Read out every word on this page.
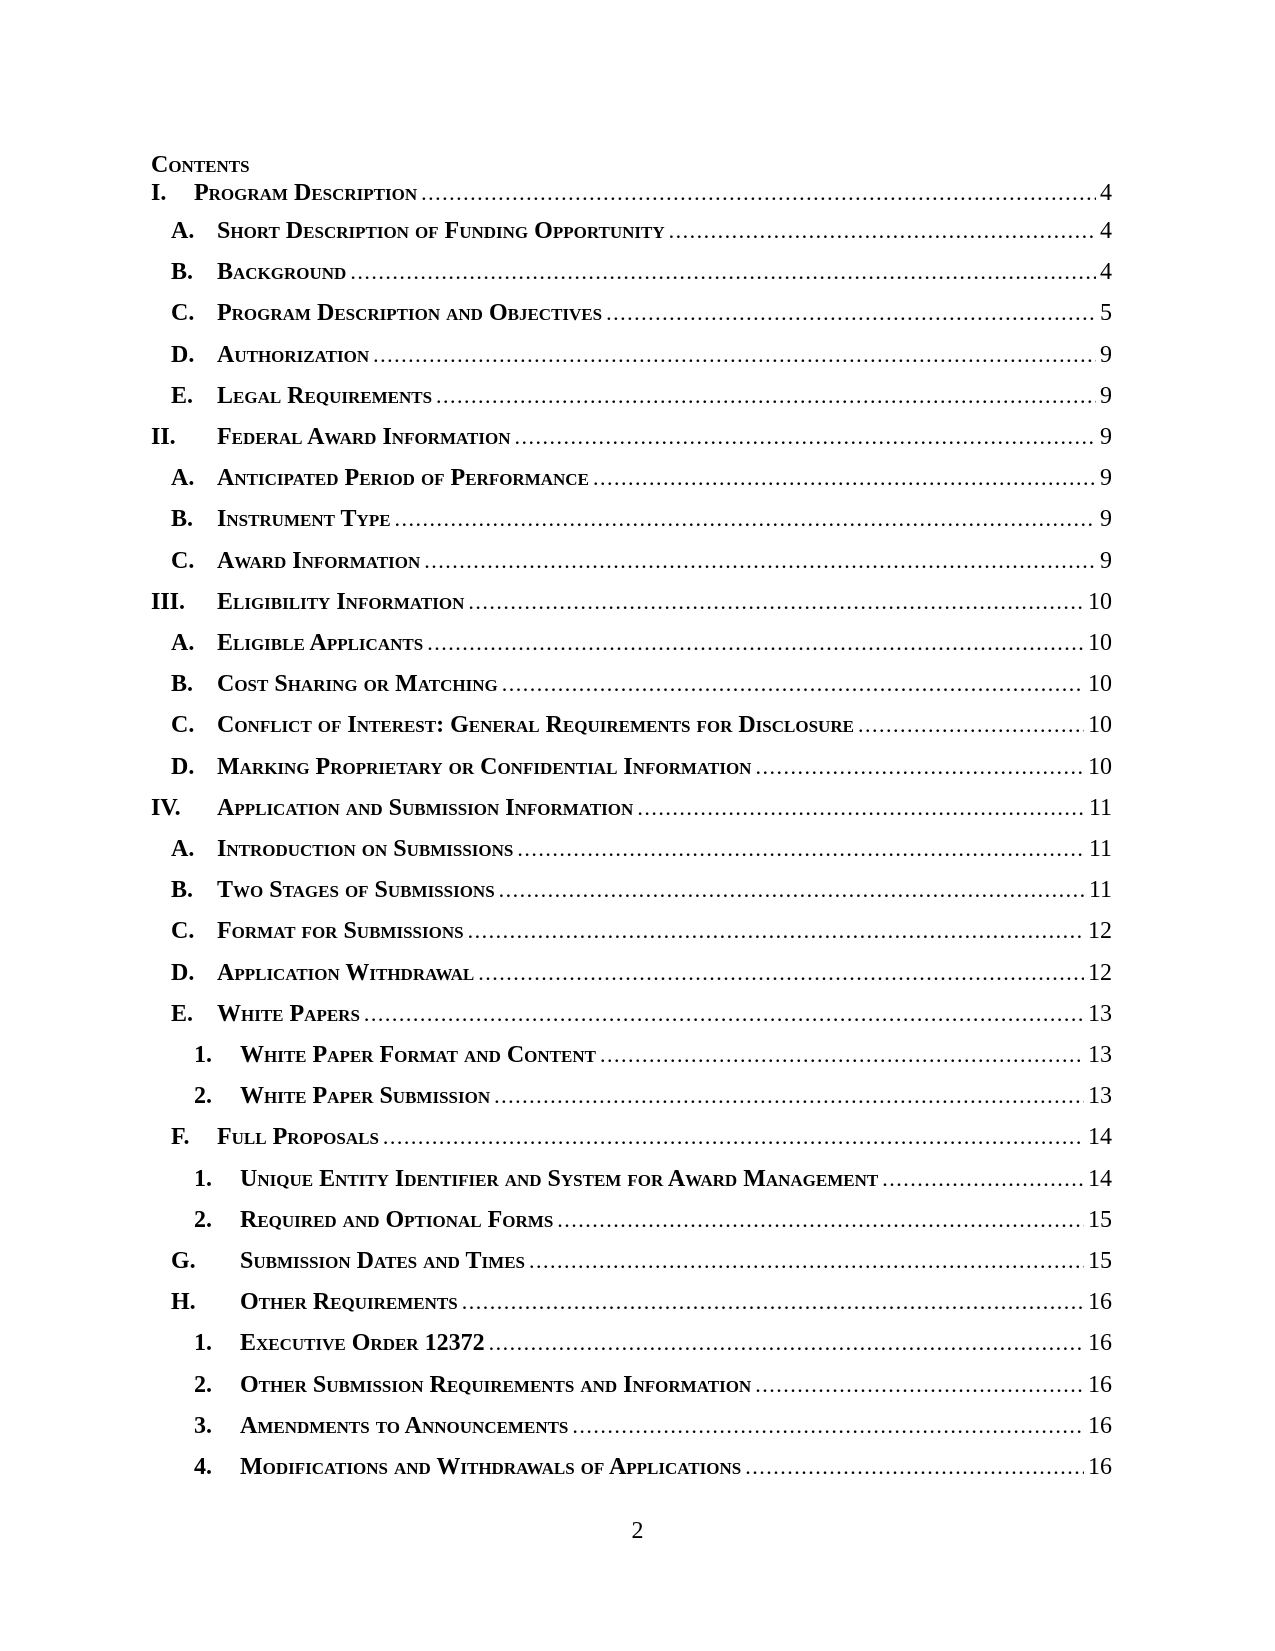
Contents
I. Program Description .....	4
A. Short Description of Funding Opportunity .....	4
B. Background .....	4
C. Program Description and Objectives .....	5
D. Authorization .....	9
E. Legal Requirements .....	9
II. Federal Award Information .....	9
A. Anticipated Period of Performance .....	9
B. Instrument Type .....	9
C. Award Information .....	9
III. Eligibility Information .....	10
A. Eligible Applicants .....	10
B. Cost Sharing or Matching .....	10
C. Conflict of Interest: General Requirements for Disclosure .....	10
D. Marking Proprietary or Confidential Information .....	10
IV. Application and Submission Information .....	11
A. Introduction on Submissions .....	11
B. Two Stages of Submissions .....	11
C. Format for Submissions .....	12
D. Application Withdrawal .....	12
E. White Papers .....	13
1. White Paper Format and Content .....	13
2. White Paper Submission .....	13
F. Full Proposals .....	14
1. Unique Entity Identifier and System for Award Management .....	14
2. Required and Optional Forms .....	15
G. Submission Dates and Times .....	15
H. Other Requirements .....	16
1. Executive Order 12372 .....	16
2. Other Submission Requirements and Information .....	16
3. Amendments to Announcements .....	16
4. Modifications and Withdrawals of Applications .....	16
2
